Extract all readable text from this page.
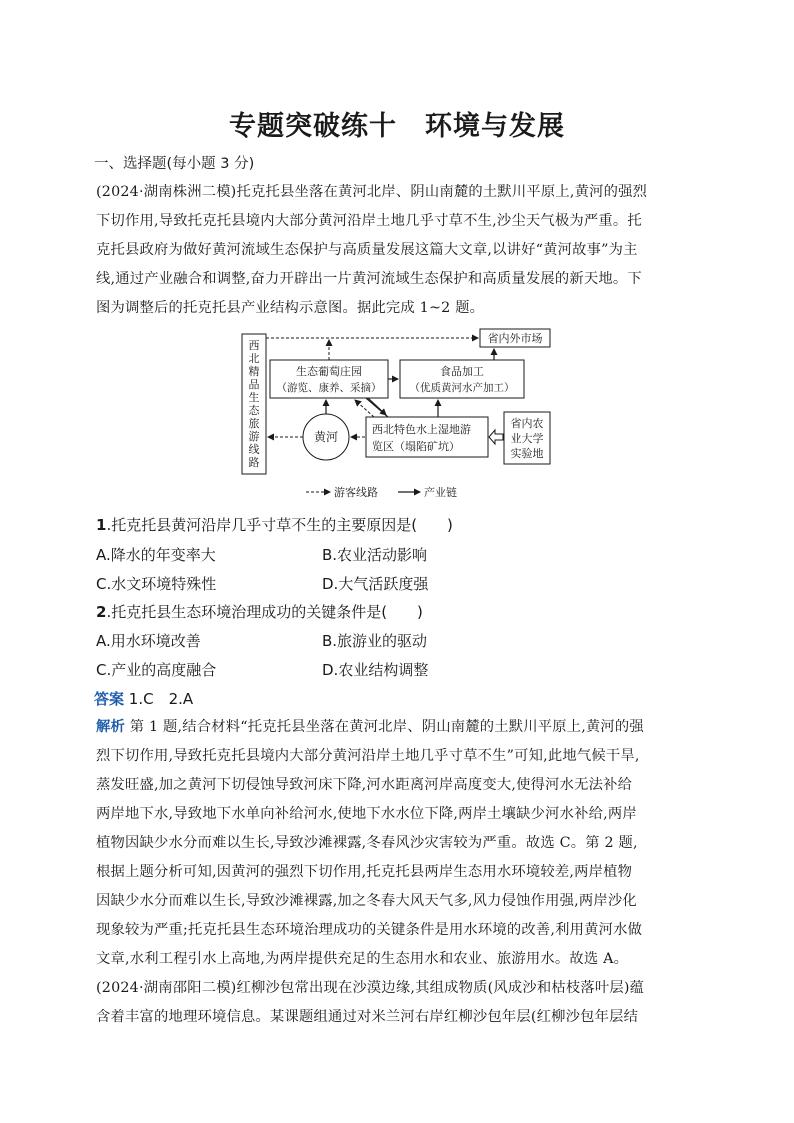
专题突破练十　环境与发展
一、选择题(每小题 3 分)
(2024·湖南株洲二模)托克托县坐落在黄河北岸、阴山南麓的土默川平原上,黄河的强烈
下切作用,导致托克托县境内大部分黄河沿岸土地几乎寸草不生,沙尘天气极为严重。托
克托县政府为做好黄河流域生态保护与高质量发展这篇大文章,以讲好“黄河故事”为主
线,通过产业融合和调整,奋力开辟出一片黄河流域生态保护和高质量发展的新天地。下
图为调整后的托克托县产业结构示意图。据此完成 1~2 题。
西
北
精
品
生
态
旅
游
线
路
省内外市场
生态葡萄庄园
（游览、康养、采摘）
食品加工
（优质黄河水产加工）
黄河
西北特色水上湿地游
览区（塌陷矿坑）
省内农
业大学
实验地
游客线路	产业链
1.托克托县黄河沿岸几乎寸草不生的主要原因是(　　)
A.降水的年变率大	B.农业活动影响
C.水文环境特殊性	D.大气活跃度强
2.托克托县生态环境治理成功的关键条件是(　　)
A.用水环境改善	B.旅游业的驱动
C.产业的高度融合	D.农业结构调整
答案 1.C　2.A
解析 第 1 题,结合材料“托克托县坐落在黄河北岸、阴山南麓的土默川平原上,黄河的强
烈下切作用,导致托克托县境内大部分黄河沿岸土地几乎寸草不生”可知,此地气候干旱,
蒸发旺盛,加之黄河下切侵蚀导致河床下降,河水距离河岸高度变大,使得河水无法补给
两岸地下水,导致地下水单向补给河水,使地下水水位下降,两岸土壤缺少河水补给,两岸
植物因缺少水分而难以生长,导致沙滩裸露,冬春风沙灾害较为严重。故选 C。第 2 题,
根据上题分析可知,因黄河的强烈下切作用,托克托县两岸生态用水环境较差,两岸植物
因缺少水分而难以生长,导致沙滩裸露,加之冬春大风天气多,风力侵蚀作用强,两岸沙化
现象较为严重;托克托县生态环境治理成功的关键条件是用水环境的改善,利用黄河水做
文章,水利工程引水上高地,为两岸提供充足的生态用水和农业、旅游用水。故选 A。
(2024·湖南邵阳二模)红柳沙包常出现在沙漠边缘,其组成物质(风成沙和枯枝落叶层)蕴
含着丰富的地理环境信息。某课题组通过对米兰河右岸红柳沙包年层(红柳沙包年层结
